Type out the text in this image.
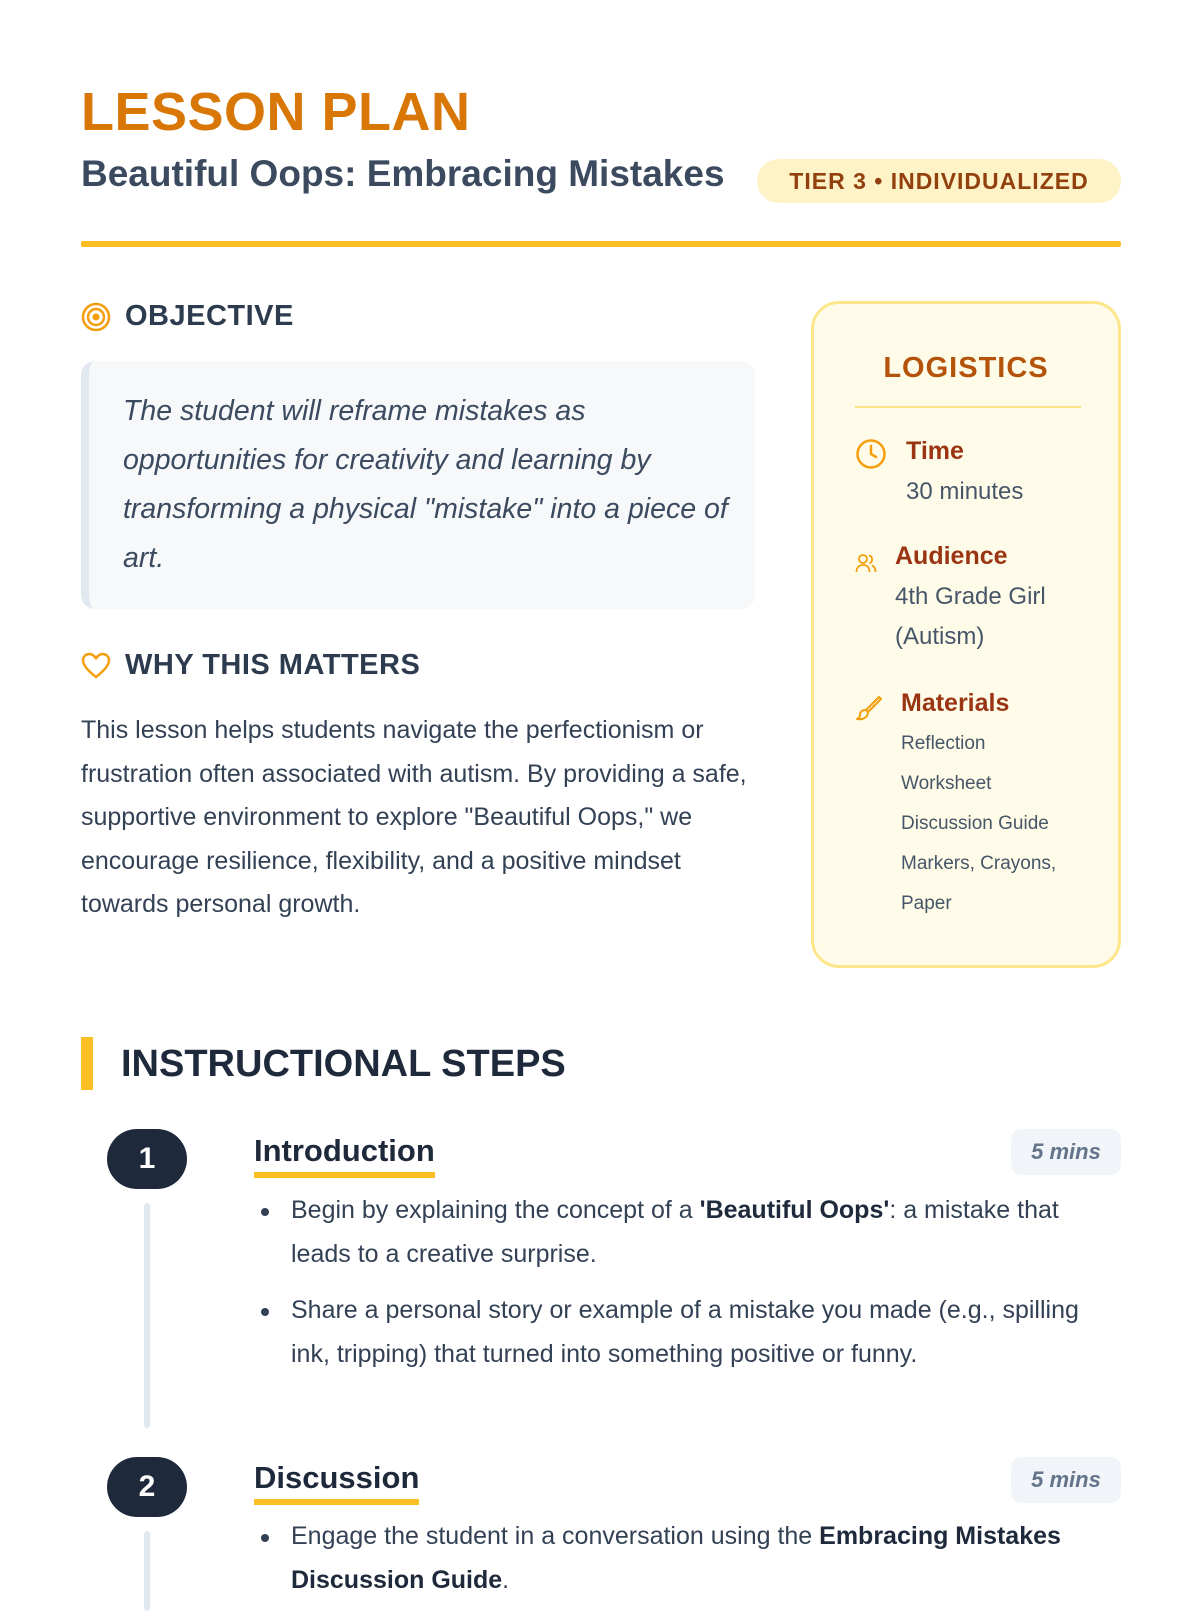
LESSON PLAN
Beautiful Oops: Embracing Mistakes	TIER 3 • INDIVIDUALIZED
OBJECTIVE
The student will reframe mistakes as opportunities for creativity and learning by transforming a physical "mistake" into a piece of art.
WHY THIS MATTERS
This lesson helps students navigate the perfectionism or frustration often associated with autism. By providing a safe, supportive environment to explore "Beautiful Oops," we encourage resilience, flexibility, and a positive mindset towards personal growth.
LOGISTICS
Time
30 minutes
Audience
4th Grade Girl (Autism)
Materials
Reflection Worksheet
Discussion Guide
Markers, Crayons, Paper
INSTRUCTIONAL STEPS
1	Introduction	5 mins
Begin by explaining the concept of a 'Beautiful Oops': a mistake that leads to a creative surprise.
Share a personal story or example of a mistake you made (e.g., spilling ink, tripping) that turned into something positive or funny.
2	Discussion	5 mins
Engage the student in a conversation using the Embracing Mistakes Discussion Guide.
